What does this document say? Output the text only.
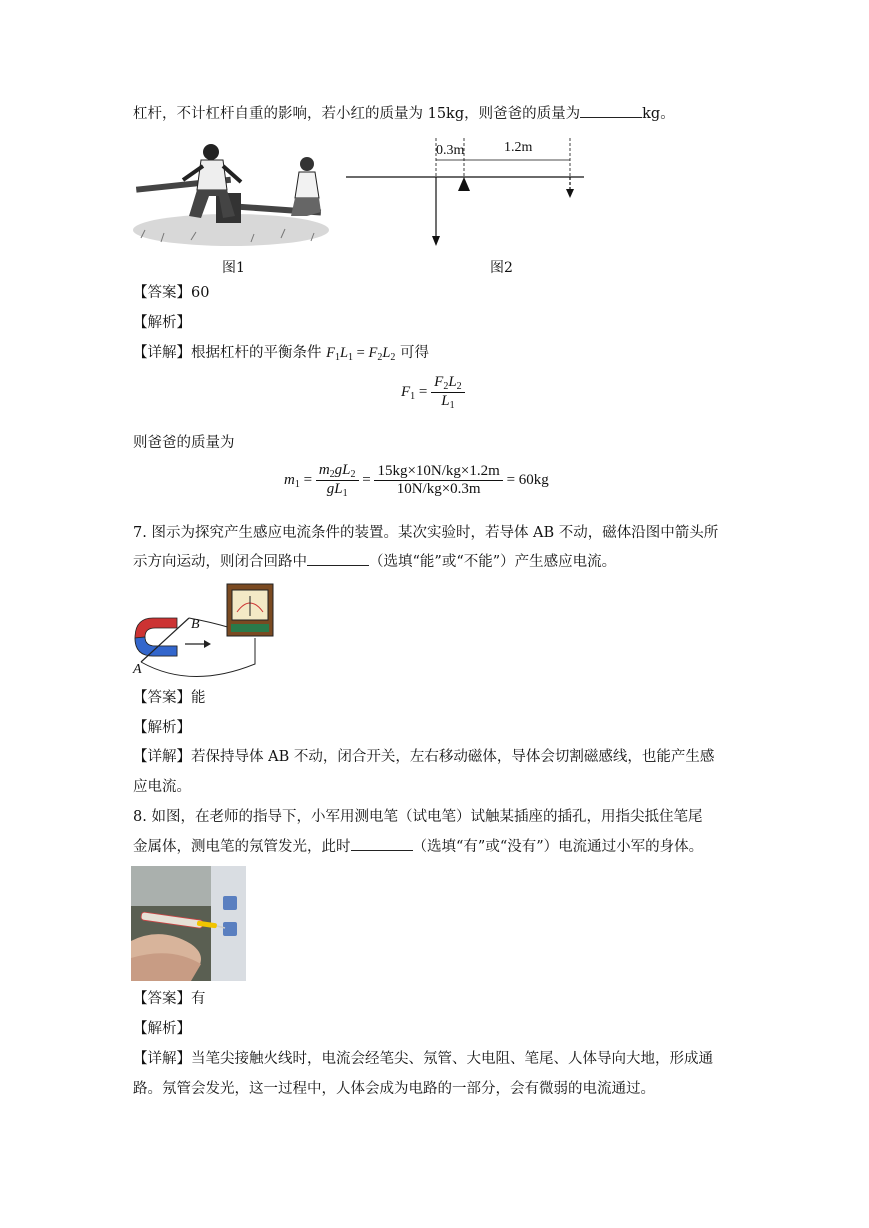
杠杆，不计杠杆自重的影响，若小红的质量为 15kg，则爸爸的质量为	kg。
图1
0.3m	1.2m
图2
【答案】60
【解析】
【详解】根据杠杆的平衡条件 $F_1L_1 = F_2L_2$ 可得
$F_1 = \frac{F_2L_2}{L_1}$
则爸爸的质量为
$m_1 = \frac{m_2gL_2}{gL_1} = \frac{15kg\times 10N/kg\times 1.2m}{10N/kg\times 0.3m} = 60kg$
7. 图示为探究产生感应电流条件的装置。某次实验时，若导体 AB 不动，磁体沿图中箭头所
示方向运动，则闭合回路中	（选填“能”或“不能”）产生感应电流。
B
A
【答案】能
【解析】
【详解】若保持导体 AB 不动，闭合开关，左右移动磁体，导体会切割磁感线，也能产生感
应电流。
8. 如图，在老师的指导下，小军用测电笔（试电笔）试触某插座的插孔，用指尖抵住笔尾
金属体，测电笔的氖管发光，此时	（选填“有”或“没有”）电流通过小军的身体。
【答案】有
【解析】
【详解】当笔尖接触火线时，电流会经笔尖、氖管、大电阻、笔尾、人体导向大地，形成通
路。氖管会发光，这一过程中，人体会成为电路的一部分，会有微弱的电流通过。
